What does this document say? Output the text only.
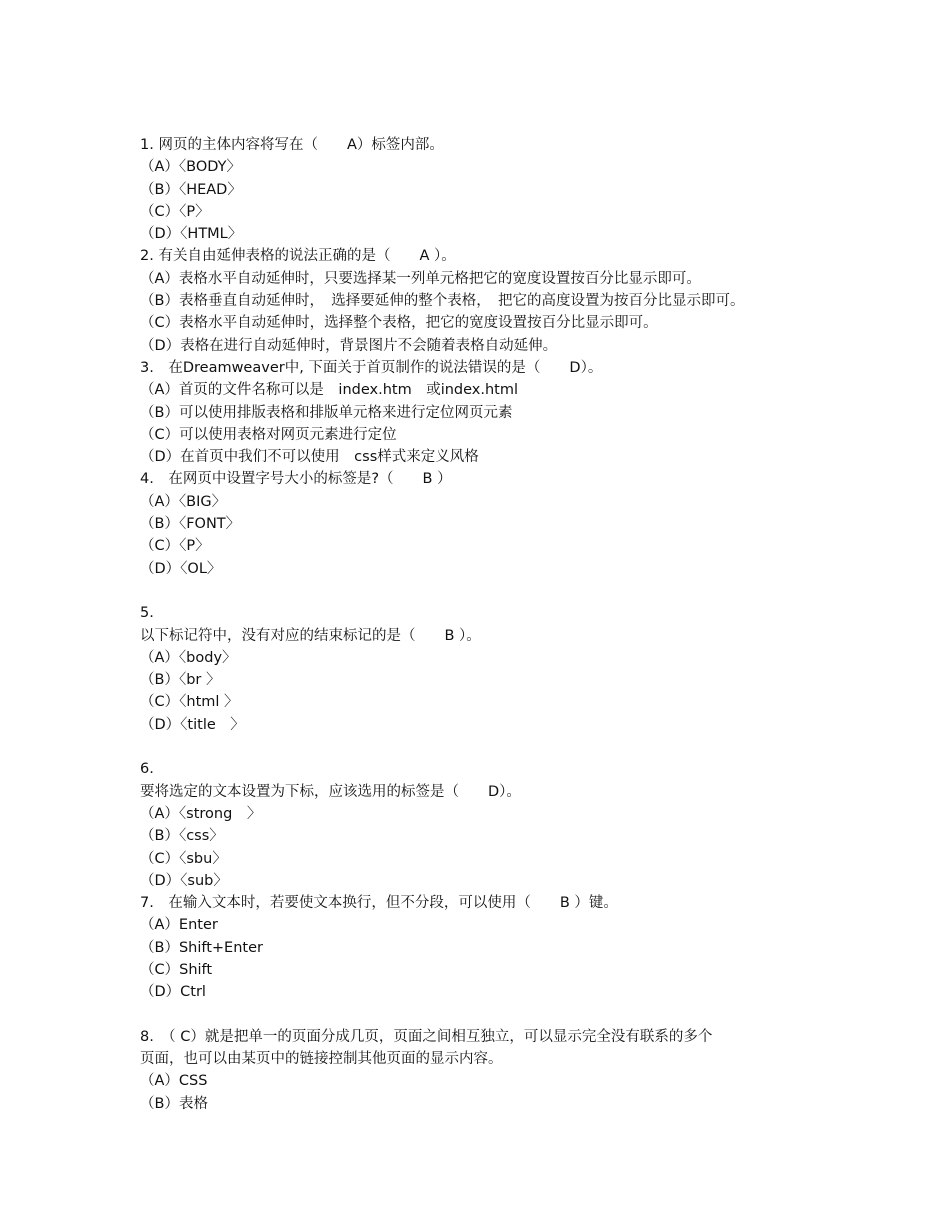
1. 网页的主体内容将写在（　　A）标签内部。
（A）〈BODY〉
（B）〈HEAD〉
（C）〈P〉
（D）〈HTML〉
2. 有关自由延伸表格的说法正确的是（　　A ）。
（A）表格水平自动延伸时，只要选择某一列单元格把它的宽度设置按百分比显示即可。
（B）表格垂直自动延伸时，　选择要延伸的整个表格，　把它的高度设置为按百分比显示即可。
（C）表格水平自动延伸时，选择整个表格，把它的宽度设置按百分比显示即可。
（D）表格在进行自动延伸时，背景图片不会随着表格自动延伸。
3.　在Dreamweaver中, 下面关于首页制作的说法错误的是（　　D）。
（A）首页的文件名称可以是　index.htm　或index.html
（B）可以使用排版表格和排版单元格来进行定位网页元素
（C）可以使用表格对网页元素进行定位
（D）在首页中我们不可以使用　css样式来定义风格
4.　在网页中设置字号大小的标签是?（　　B ）
（A）〈BIG〉
（B）〈FONT〉
（C）〈P〉
（D）〈OL〉
5.
以下标记符中，没有对应的结束标记的是（　　B ）。
（A）〈body〉
（B）〈br 〉
（C）〈html 〉
（D）〈title　〉
6.
要将选定的文本设置为下标，应该选用的标签是（　　D）。
（A）〈strong　〉
（B）〈css〉
（C）〈sbu〉
（D）〈sub〉
7.　在输入文本时，若要使文本换行，但不分段，可以使用（　　B ）键。
（A）Enter
（B）Shift+Enter
（C）Shift
（D）Ctrl
8.　（ C）就是把单一的页面分成几页，页面之间相互独立，可以显示完全没有联系的多个
页面，也可以由某页中的链接控制其他页面的显示内容。
（A）CSS
（B）表格
